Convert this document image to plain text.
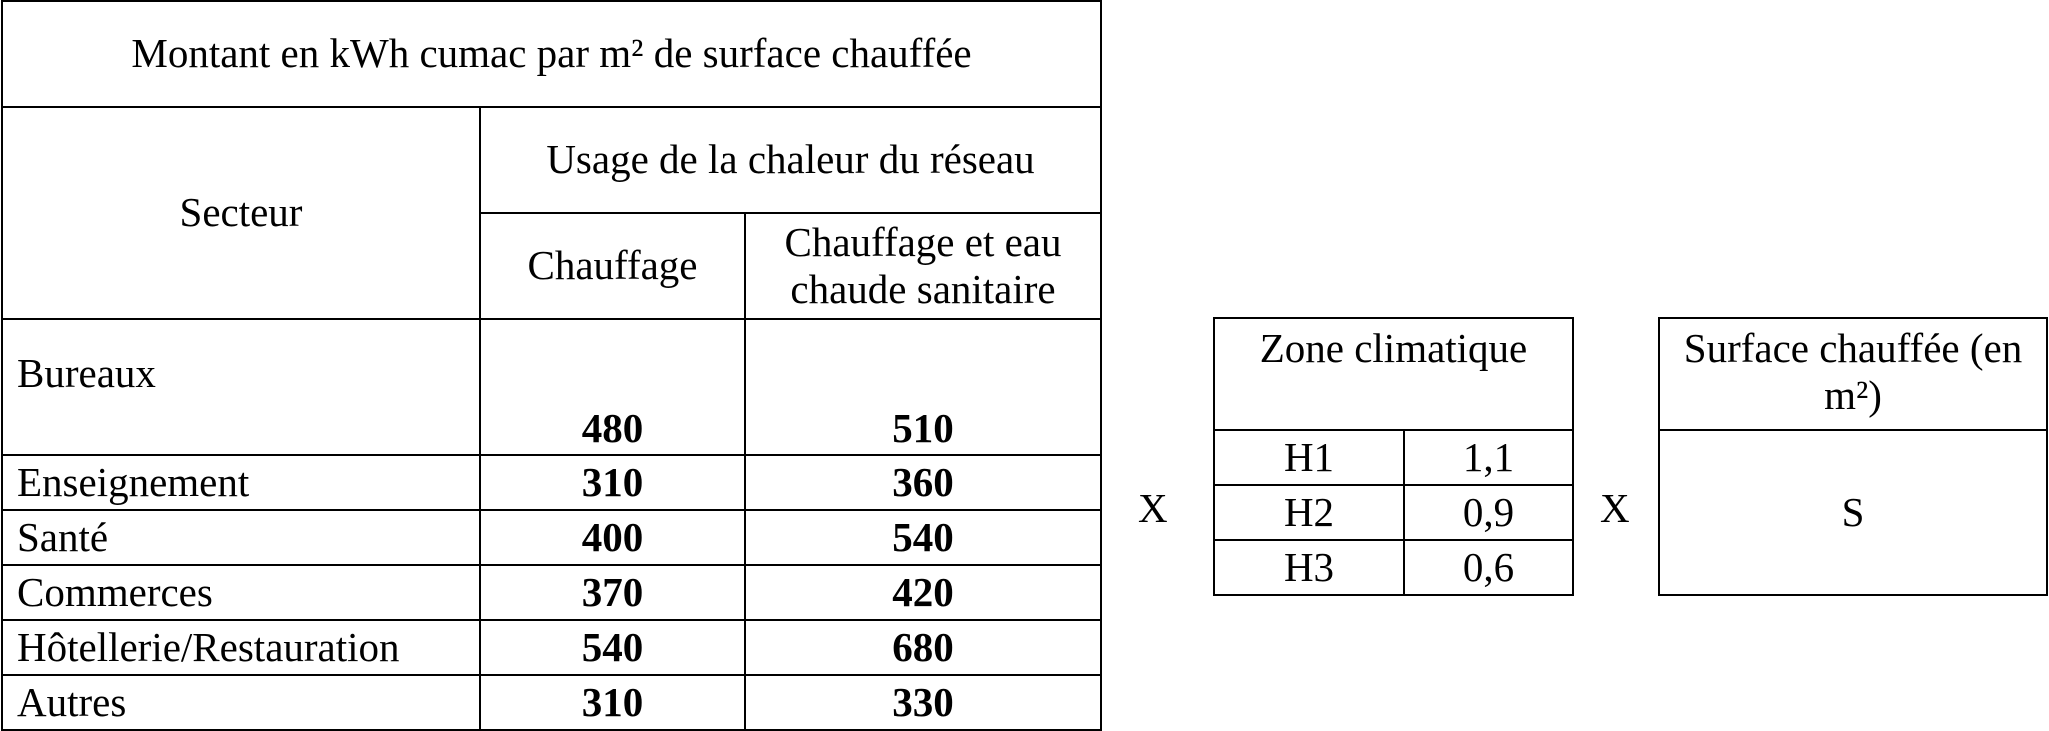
Montant en kWh cumac par m² de surface chauffée		
Secteur	Usage de la chaleur du réseau	
	Chauffage	Chauffage et eau chaude sanitaire
Bureaux	480	510
Enseignement	310	360
Santé	400	540
Commerces	370	420
Hôtellerie/Restauration	540	680
Autres	310	330
X
Zone climatique	
H1	1,1
H2	0,9
H3	0,6
X
Surface chauffée (en m²)
S
